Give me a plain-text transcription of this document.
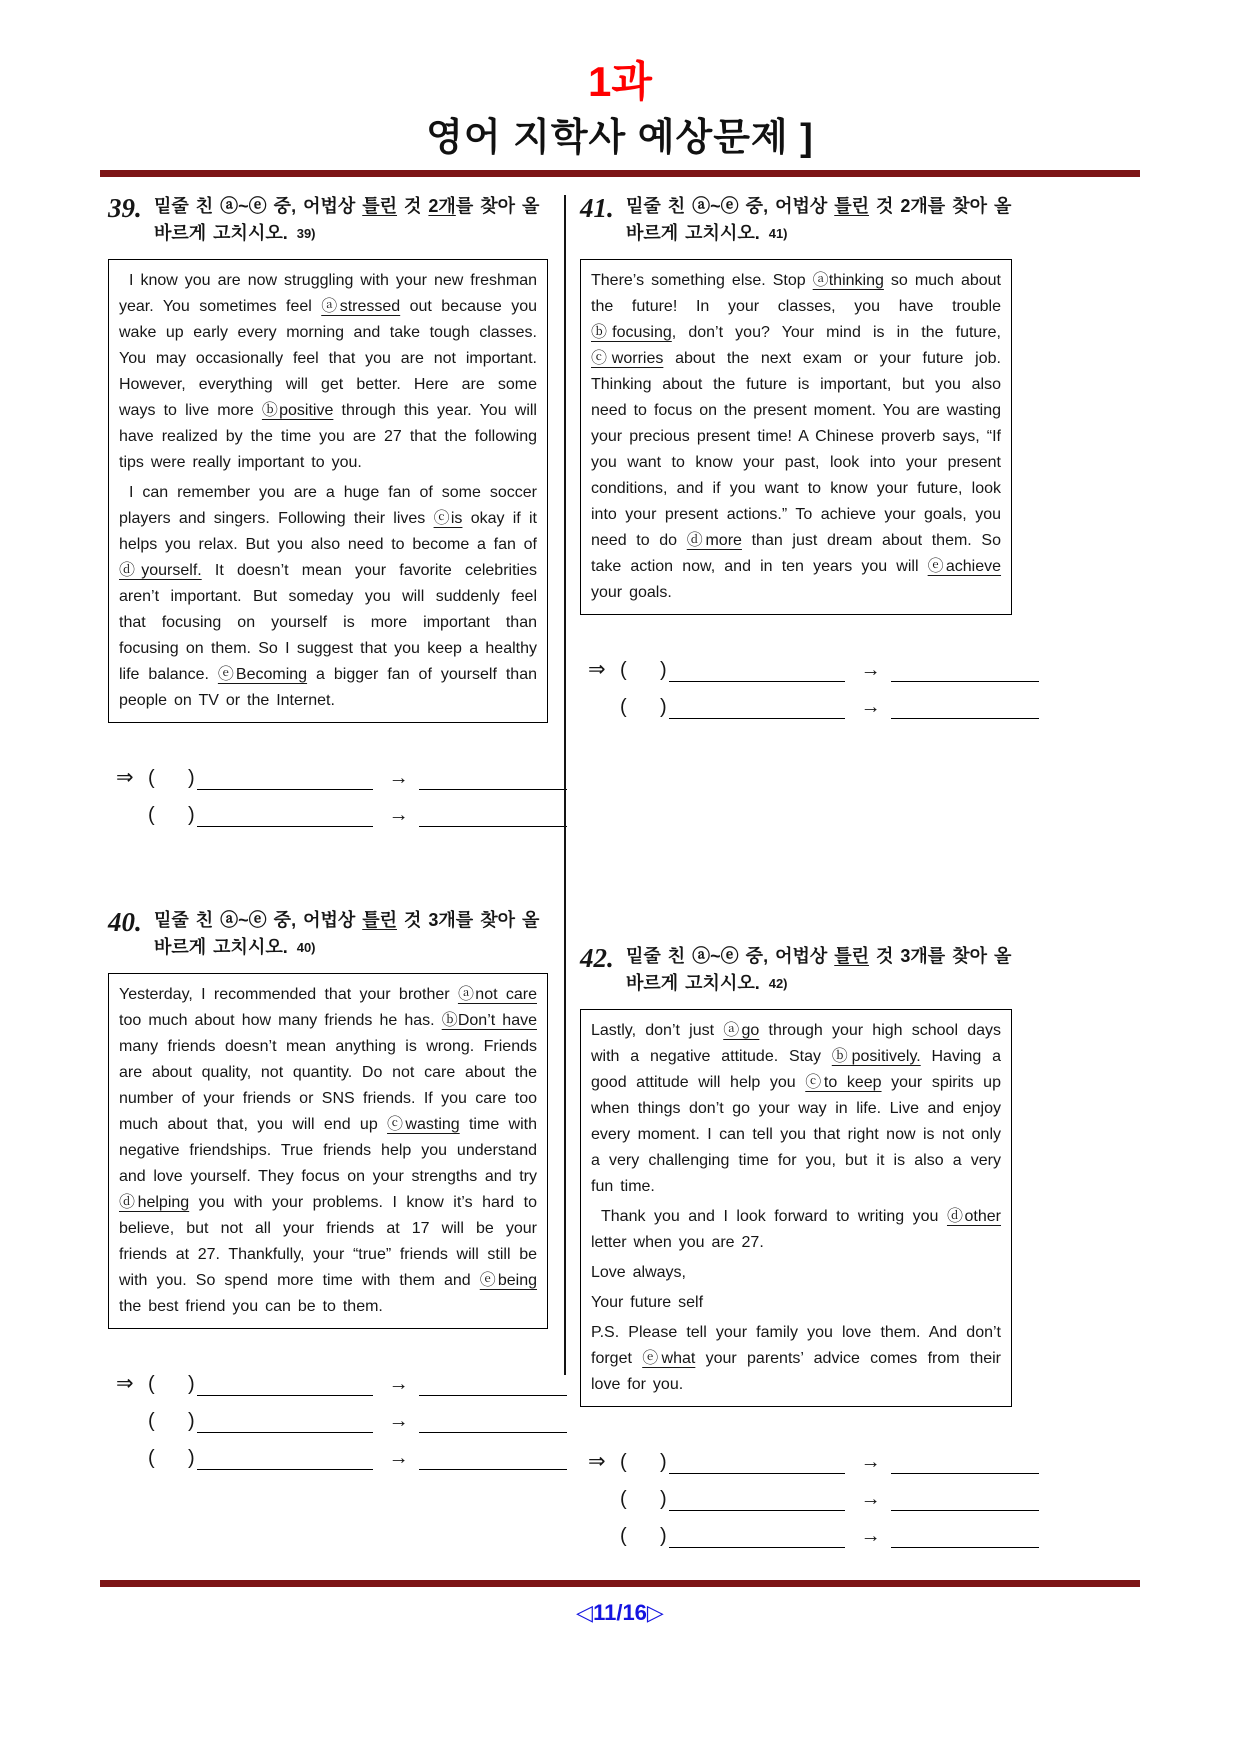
1과
영어 지학사 예상문제 ]
39. 밑줄 친 ⓐ~ⓔ 중, 어법상 틀린 것 2개를 찾아 올바르게 고치시오. 39)

I know you are now struggling with your new freshman year. You sometimes feel ⓐstressed out because you wake up early every morning and take tough classes. You may occasionally feel that you are not important. However, everything will get better. Here are some ways to live more ⓑpositive through this year. You will have realized by the time you are 27 that the following tips were really important to you.

I can remember you are a huge fan of some soccer players and singers. Following their lives ⓒis okay if it helps you relax. But you also need to become a fan of ⓓyourself. It doesn’t mean your favorite celebrities aren’t important. But someday you will suddenly feel that focusing on yourself is more important than focusing on them. So I suggest that you keep a healthy life balance. ⓔBecoming a bigger fan of yourself than people on TV or the Internet.

⇒ (      )	→
(      )	→
40. 밑줄 친 ⓐ~ⓔ 중, 어법상 틀린 것 3개를 찾아 올바르게 고치시오. 40)

Yesterday, I recommended that your brother ⓐnot care too much about how many friends he has. ⓑDon’t have many friends doesn’t mean anything is wrong. Friends are about quality, not quantity. Do not care about the number of your friends or SNS friends. If you care too much about that, you will end up ⓒwasting time with negative friendships. True friends help you understand and love yourself. They focus on your strengths and try ⓓhelping you with your problems. I know it’s hard to believe, but not all your friends at 17 will be your friends at 27. Thankfully, your “true” friends will still be with you. So spend more time with them and ⓔbeing the best friend you can be to them.

⇒ (      )	→
(      )	→
(      )	→
41. 밑줄 친 ⓐ~ⓔ 중, 어법상 틀린 것 2개를 찾아 올바르게 고치시오. 41)

There’s something else. Stop ⓐthinking so much about the future! In your classes, you have trouble ⓑfocusing, don’t you? Your mind is in the future, ⓒworries about the next exam or your future job. Thinking about the future is important, but you also need to focus on the present moment. You are wasting your precious present time! A Chinese proverb says, “If you want to know your past, look into your present conditions, and if you want to know your future, look into your present actions.” To achieve your goals, you need to do ⓓmore than just dream about them. So take action now, and in ten years you will ⓔachieve your goals.

⇒ (      )	→
(      )	→
42. 밑줄 친 ⓐ~ⓔ 중, 어법상 틀린 것 3개를 찾아 올바르게 고치시오. 42)

Lastly, don’t just ⓐgo through your high school days with a negative attitude. Stay ⓑpositively. Having a good attitude will help you ⓒto keep your spirits up when things don’t go your way in life. Live and enjoy every moment. I can tell you that right now is not only a very challenging time for you, but it is also a very fun time.

Thank you and I look forward to writing you ⓓother letter when you are 27.

Love always,

Your future self

P.S. Please tell your family you love them. And don’t forget ⓔwhat your parents’ advice comes from their love for you.

⇒ (      )	→
(      )	→
(      )	→
◁11/16▷
